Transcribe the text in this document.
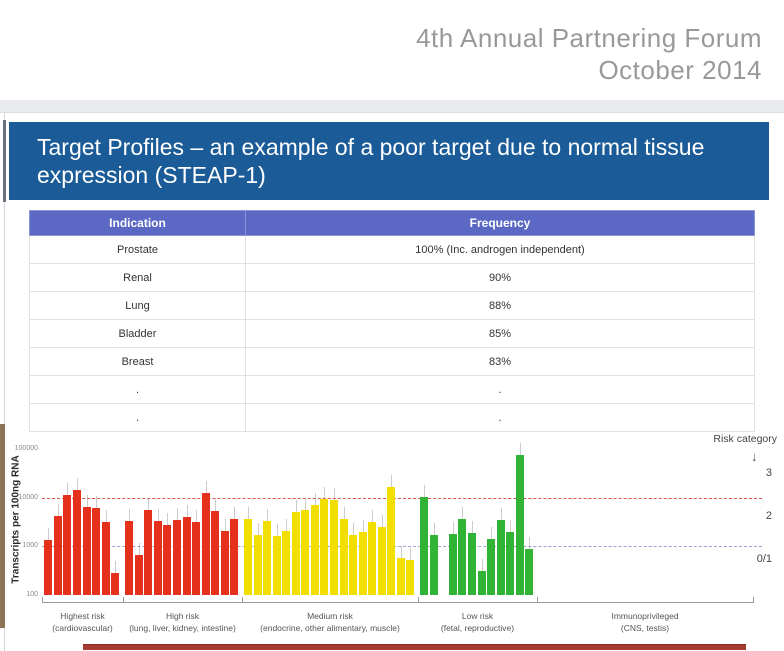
4th Annual Partnering Forum
October 2014
Target Profiles – an example of a poor target due to normal tissue expression (STEAP-1)
Indication	Frequency
Prostate	100% (Inc. androgen independent)
Renal	90%
Lung	88%
Bladder	85%
Breast	83%
.	.
.	.
Transcripts per 100ng RNA
100
1000
10000
100000
Highest risk
(cardiovascular)
High risk
(lung, liver, kidney, intestine)
Medium risk
(endocrine, other alimentary, muscle)
Low risk
(fetal, reproductive)
Immunoprivileged
(CNS, testis)
Risk category
↓
3
2
0/1
